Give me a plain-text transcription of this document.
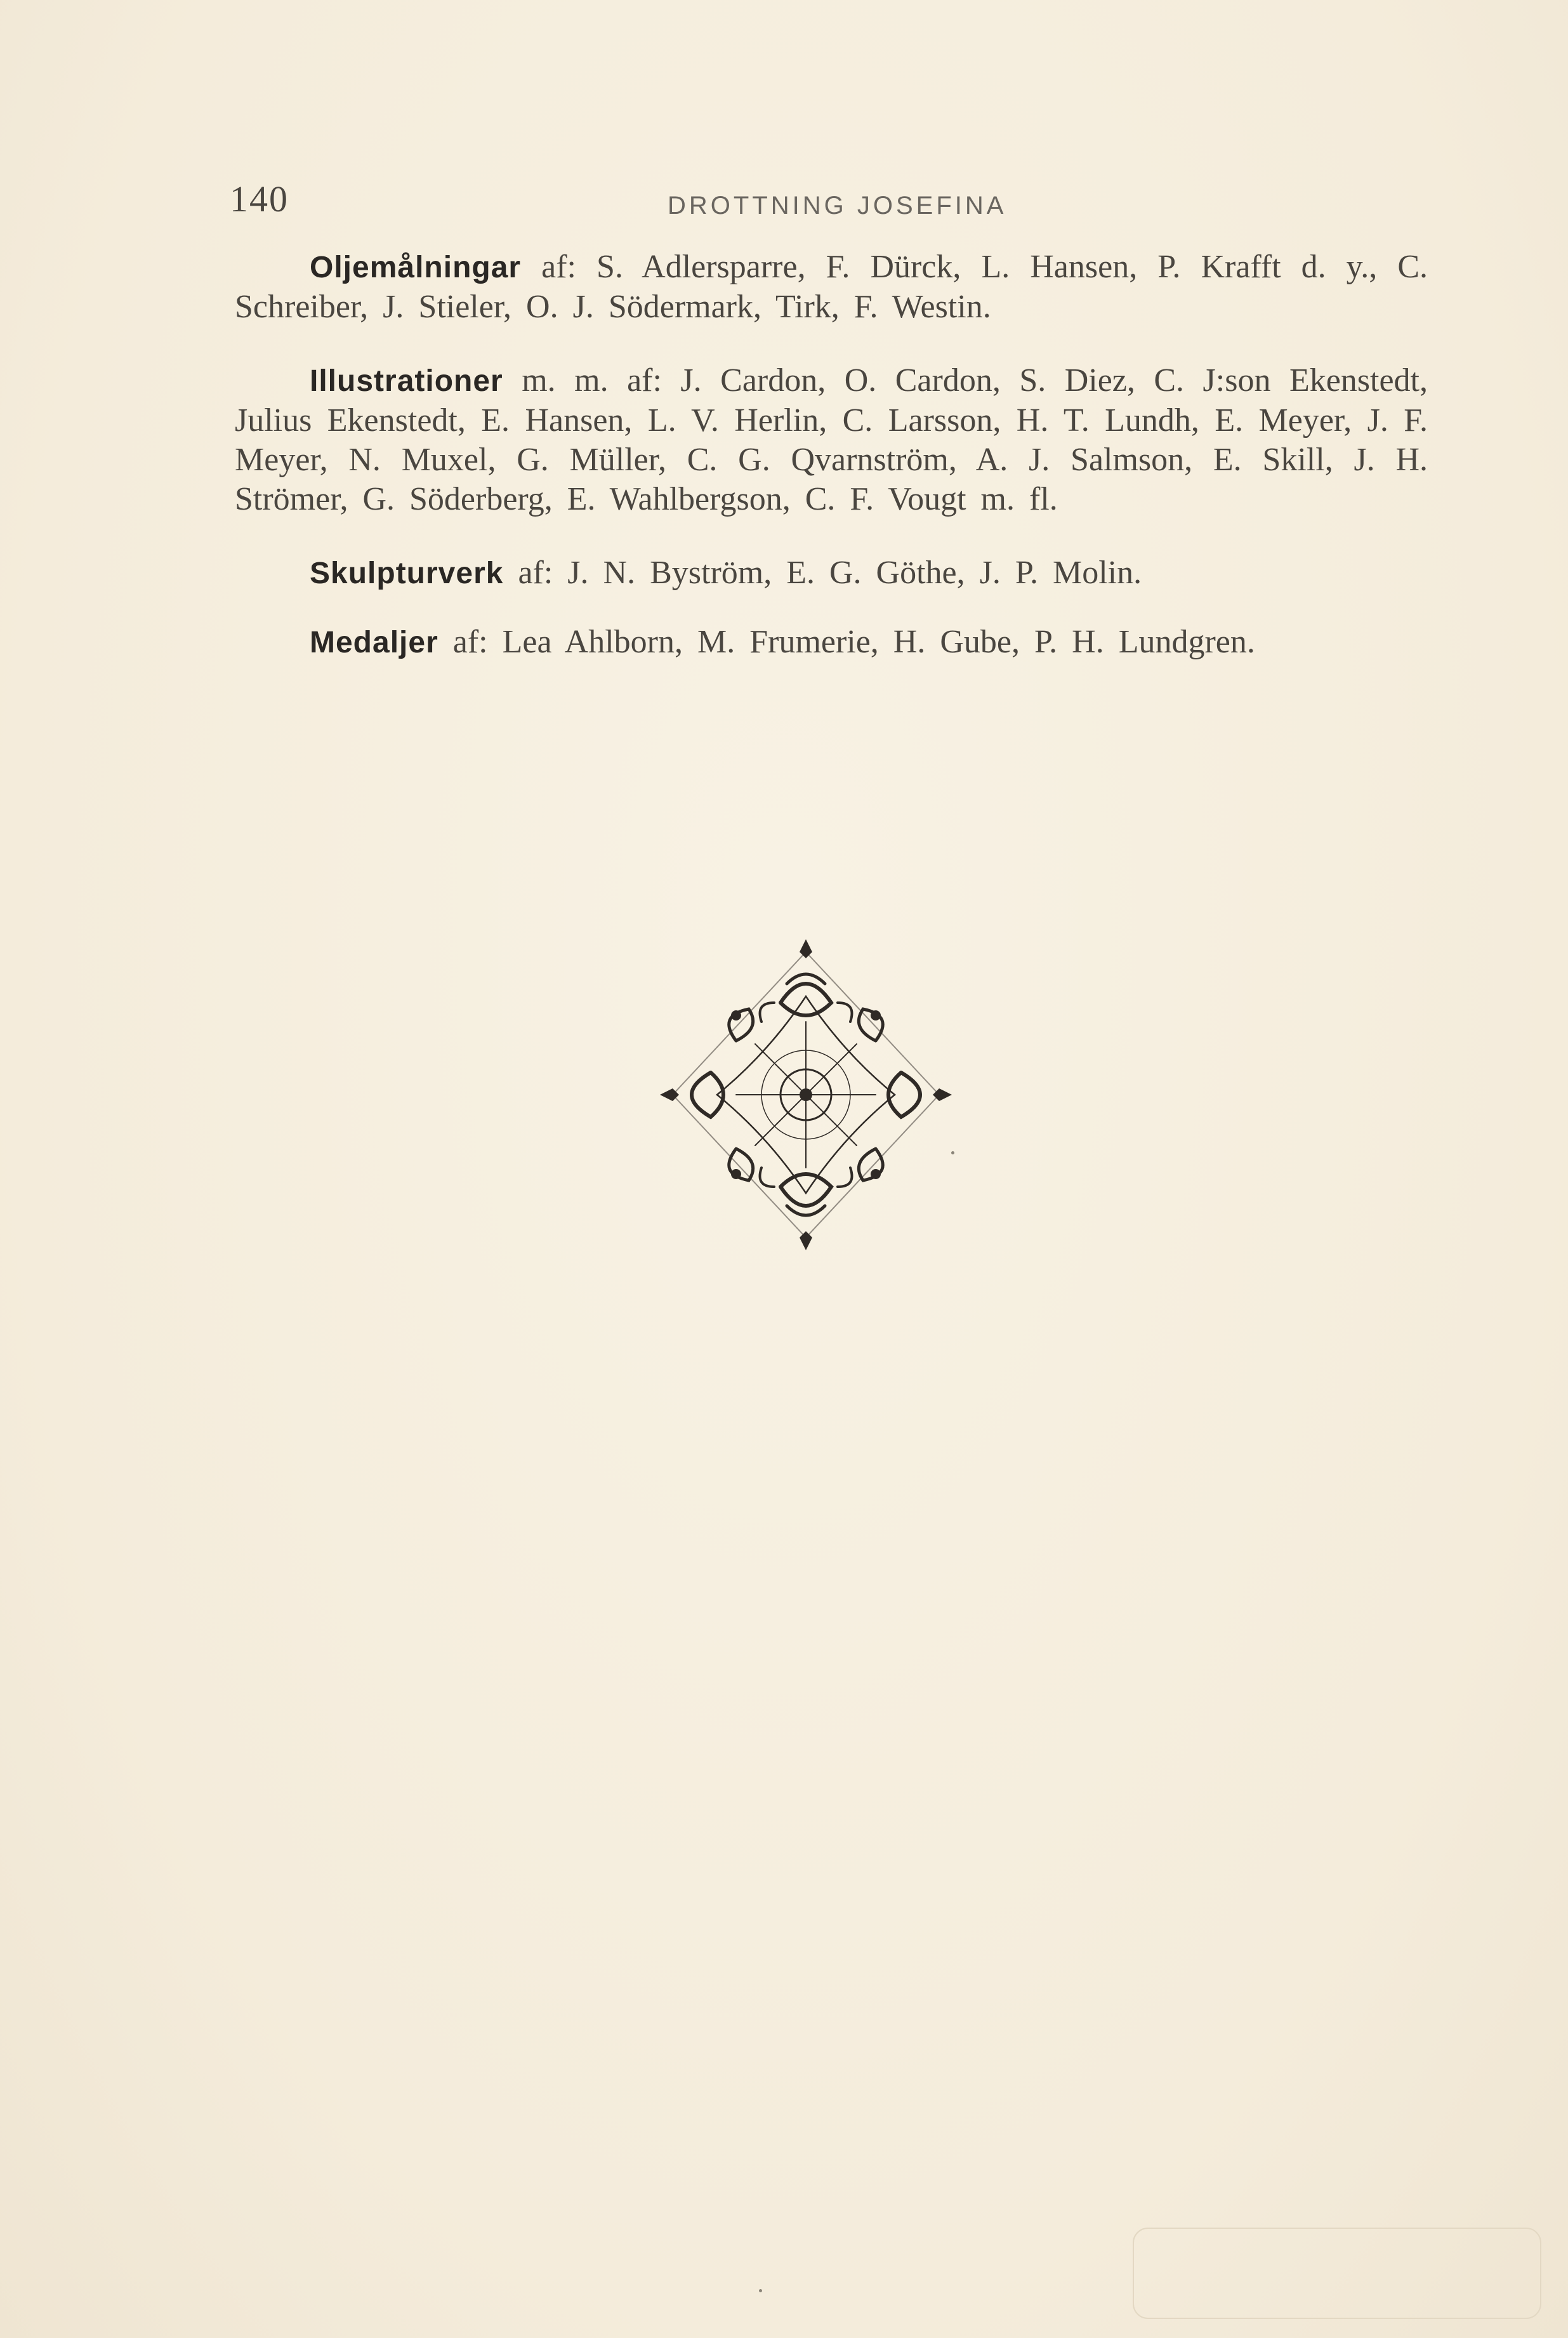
140	DROTTNING JOSEFINA

Oljemålningar af: S. Adlersparre, F. Dürck, L. Hansen, P. Krafft d. y., C. Schreiber, J. Stieler, O. J. Södermark, Tirk, F. Westin.

Illustrationer m. m. af: J. Cardon, O. Cardon, S. Diez, C. J:son Ekenstedt, Julius Ekenstedt, E. Hansen, L. V. Herlin, C. Larsson, H. T. Lundh, E. Meyer, J. F. Meyer, N. Muxel, G. Müller, C. G. Qvarnström, A. J. Salmson, E. Skill, J. H. Strömer, G. Söderberg, E. Wahlbergson, C. F. Vougt m. fl.

Skulpturverk af: J. N. Byström, E. G. Göthe, J. P. Molin.

Medaljer af: Lea Ahlborn, M. Frumerie, H. Gube, P. H. Lundgren.
